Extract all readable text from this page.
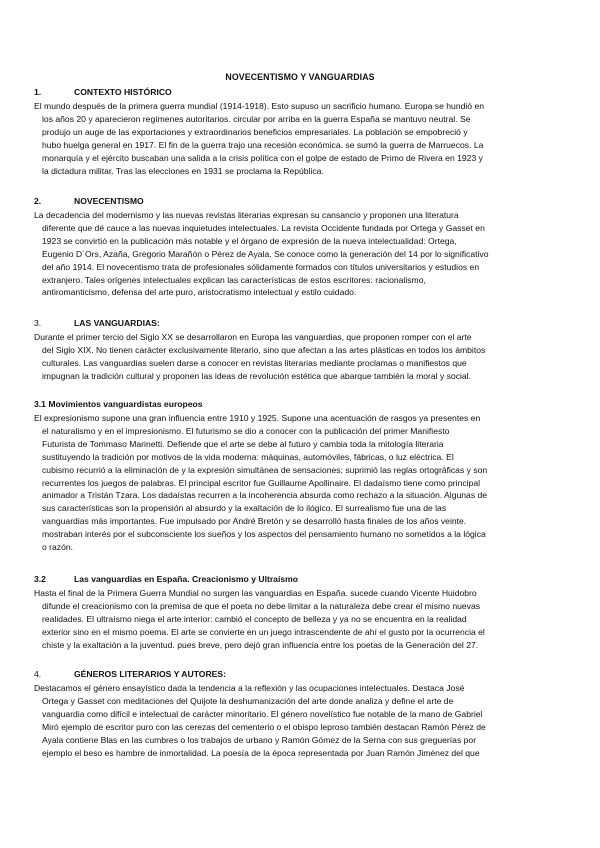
NOVECENTISMO Y VANGUARDIAS
1.	CONTEXTO HISTÓRICO
El mundo después de la primera guerra mundial (1914-1918). Esto supuso un sacrificio humano. Europa se hundió en
los años 20 y aparecieron regímenes autoritarios. circular por arriba en la guerra España se mantuvo neutral. Se
produjo un auge de las exportaciones y extraordinarios beneficios empresariales. La población se empobreció y
hubo huelga general en 1917. El fin de la guerra trajo una recesión económica. se sumó la guerra de Marruecos. La
monarquía y el ejército buscaban una salida a la crisis política con el golpe de estado de Primo de Rivera en 1923 y
la dictadura militar. Tras las elecciones en 1931 se proclama la República.
2.	NOVECENTISMO
La decadencia del modernismo y las nuevas revistas literarias expresan su cansancio y proponen una literatura
diferente que dé cauce a las nuevas inquietudes intelectuales. La revista Occidente fundada por Ortega y Gasset en
1923 se convirtió en la publicación más notable y el órgano de expresión de la nueva intelectualidad: Ortega,
Eugenio D`Ors, Azaña, Gregorio Marañón o Pérez de Ayala. Se conoce como la generación del 14 por lo significativo
del año 1914. El novecentismo trata de profesionales sólidamente formados con títulos universitarios y estudios en
extranjero. Tales orígenes intelectuales explican las características de estos escritores: racionalismo,
antiromanticismo, defensa del arte puro, aristocratismo intelectual y estilo cuidado.
3.	LAS VANGUARDIAS:
Durante el primer tercio del Siglo XX se desarrollaron en Europa las vanguardias, que proponen romper con el arte
del Siglo XIX. No tienen carácter exclusivamente literario, sino que afectan a las artes plásticas en todos los ámbitos
culturales. Las vanguardias suelen darse a conocer en revistas literarias mediante proclamas o manifiestos que
impugnan la tradición cultural y proponen las ideas de revolución estética que abarque también la moral y social.
3.1 Movimientos vanguardistas europeos
El expresionismo supone una gran influencia entre 1910 y 1925. Supone una acentuación de rasgos ya presentes en
el naturalismo y en el impresionismo. El futurismo se dio a conocer con la publicación del primer Manifiesto
Futurista de Tommaso Marinetti. Defiende que el arte se debe al futuro y cambia toda la mitología literaria
sustituyendo la tradición por motivos de la vida moderna: máquinas, automóviles, fábricas, o luz eléctrica. El
cubismo recurrió a la eliminación de y la expresión simultánea de sensaciones; suprimió las reglas ortográficas y son
recurrentes los juegos de palabras. El principal escritor fue Guillaume Apollinaire. El dadaísmo tiene como principal
animador a Tristán Tzara. Los dadaístas recurren a la incoherencia absurda como rechazo a la situación. Algunas de
sus características son la propensión al absurdo y la exaltación de lo ilógico. El surrealismo fue una de las
vanguardias más importantes. Fue impulsado por André Bretón y se desarrolló hasta finales de los años veinte.
mostraban interés por el subconsciente los sueños y los aspectos del pensamiento humano no sometidos a la lógica
o razón.
3.2	Las vanguardias en España. Creacionismo y Ultraísmo
Hasta el final de la Primera Guerra Mundial no surgen las vanguardias en España. sucede cuando Vicente Huidobro
difunde el creacionismo con la premisa de que el poeta no debe limitar a la naturaleza debe crear el mismo nuevas
realidades. El ultraísmo niega el arte interior: cambió el concepto de belleza y ya no se encuentra en la realidad
exterior sino en el mismo poema. El arte se convierte en un juego intrascendente de ahí el gusto por la ocurrencia el
chiste y la exaltación a la juventud. pues breve, pero dejó gran influencia entre los poetas de la Generación del 27.
4.	GÉNEROS LITERARIOS Y AUTORES:
Destacamos el género ensayístico dada la tendencia a la reflexión y las ocupaciones intelectuales. Destaca José
Ortega y Gasset con meditaciones del Quijote la deshumanización del arte donde analiza y define el arte de
vanguardia como difícil e intelectual de carácter minoritario. El género novelístico fue notable de la mano de Gabriel
Miró ejemplo de escritor puro con las cerezas del cementerio o el obispo leproso también destacan Ramón Pérez de
Ayala contiene Blas en las cumbres o los trabajos de urbano y Ramón Gómez de la Serna con sus greguerías por
ejemplo el beso es hambre de inmortalidad. La poesía de la época representada por Juan Ramón Jiménez del que
